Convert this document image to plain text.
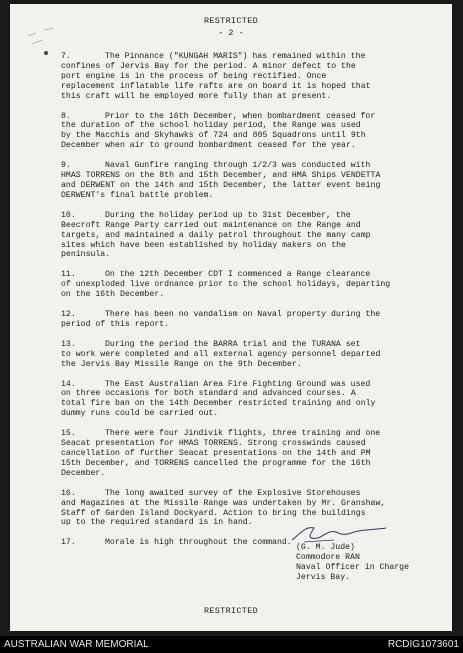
RESTRICTED
- 2 -
7.	The Pinnance ("KUNGAH MARIS") has remained within the
confines of Jervis Bay for the period. A minor defect to the
port engine is in the process of being rectified. Once
replacement inflatable life rafts are on board it is hoped that
this craft will be employed more fully than at present.
8.	Prior to the 16th December, when bombardment ceased for
the duration of the school holiday period, the Range was used
by the Macchis and Skyhawks of 724 and 805 Squadrons until 9th
December when air to ground bombardment ceased for the year.
9.	Naval Gunfire ranging through 1/2/3 was conducted with
HMAS TORRENS on the 8th and 15th December, and HMA Ships VENDETTA
and DERWENT on the 14th and 15th December, the latter event being
DERWENT's final battle problem.
10.	During the holiday period up to 31st December, the
Beecroft Range Party carried out maintenance on the Range and
targets, and maintained a daily patrol throughout the many camp
sites which have been established by holiday makers on the
peninsula.
11.	On the 12th December CDT I commenced a Range clearance
of unexploded live ordnance prior to the school holidays, departing
on the 16th December.
12.	There has been no vandalism on Naval property during the
period of this report.
13.	During the period the BARRA trial and the TURANA set
to work were completed and all external agency personnel departed
the Jervis Bay Missile Range on the 9th December.
14.	The East Australian Area Fire Fighting Ground was used
on three occasions for both standard and advanced courses. A
total fire ban on the 14th December restricted training and only
dummy runs could be carried out.
15.	There were four Jindivik flights, three training and one
Seacat presentation for HMAS TORRENS. Strong crosswinds caused
cancellation of further Seacat presentations on the 14th and PM
15th December, and TORRENS cancelled the programme for the 16th
December.
16.	The long awaited survey of the Explosive Storehouses
and Magazines at the Missile Range was undertaken by Mr. Granshaw,
Staff of Garden Island Dockyard. Action to bring the buildings
up to the required standard is in hand.
17.	Morale is high throughout the command.
(G. M. Jude)
Commodore RAN
Naval Officer in Charge
Jervis Bay.
RESTRICTED
AUSTRALIAN WAR MEMORIAL	RCDIG1073601
